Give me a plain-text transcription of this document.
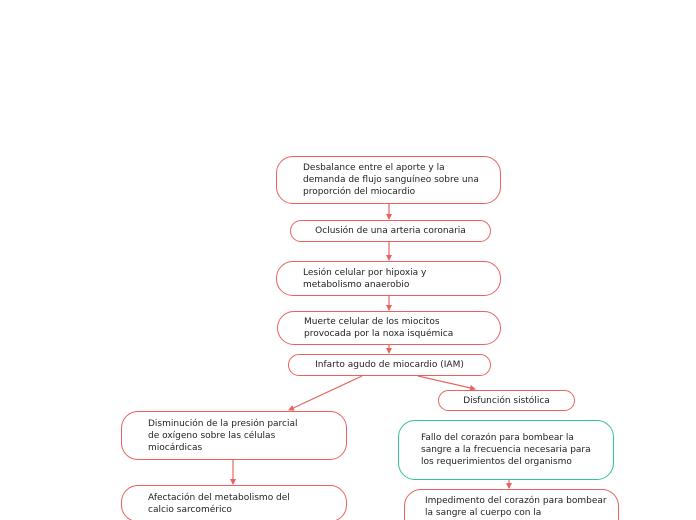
Desbalance entre el aporte y la demanda de flujo sanguíneo sobre una proporción del miocardio
Oclusión de una arteria coronaria
Lesión celular por hipoxia y metabolismo anaerobio
Muerte celular de los miocitos provocada por la noxa isquémica
Infarto agudo de miocardio (IAM)
Disminución de la presión parcial de oxígeno sobre las células miocárdicas
Afectación del metabolismo del calcio sarcomérico
Disfunción sistólica
Fallo del corazón para bombear la sangre a la frecuencia necesaria para los requerimientos del organismo
Impedimento del corazón para bombear la sangre al cuerpo con la
